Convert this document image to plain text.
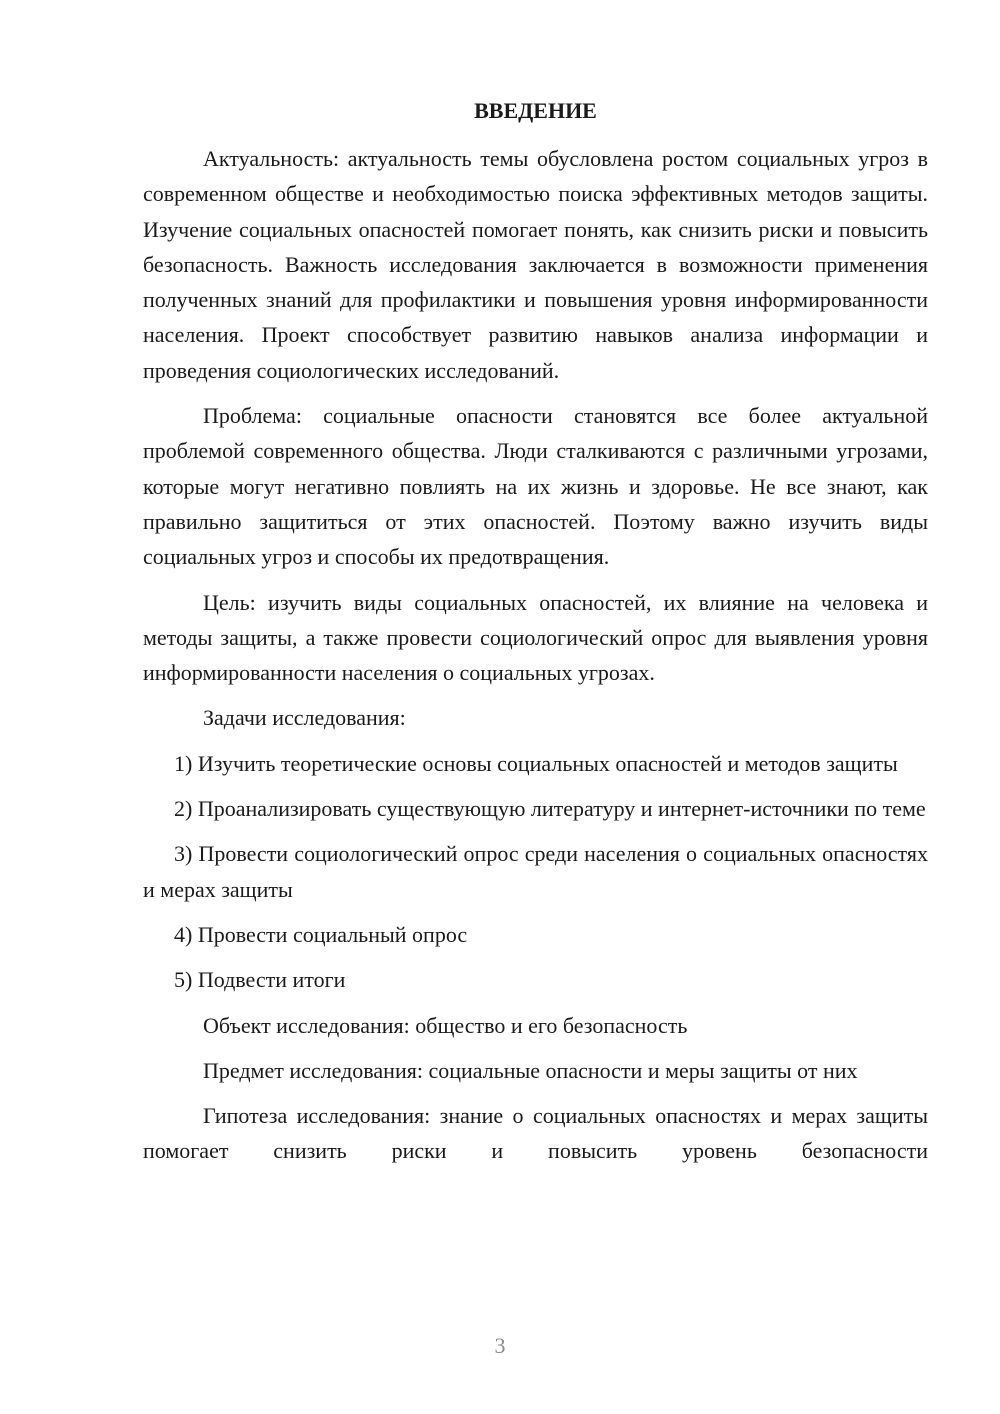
ВВЕДЕНИЕ

Актуальность: актуальность темы обусловлена ростом социальных угроз в современном обществе и необходимостью поиска эффективных методов защиты. Изучение социальных опасностей помогает понять, как снизить риски и повысить безопасность. Важность исследования заключается в возможности применения полученных знаний для профилактики и повышения уровня информированности населения. Проект способствует развитию навыков анализа информации и проведения социологических исследований.

Проблема: социальные опасности становятся все более актуальной проблемой современного общества. Люди сталкиваются с различными угрозами, которые могут негативно повлиять на их жизнь и здоровье. Не все знают, как правильно защититься от этих опасностей. Поэтому важно изучить виды социальных угроз и способы их предотвращения.

Цель: изучить виды социальных опасностей, их влияние на человека и методы защиты, а также провести социологический опрос для выявления уровня информированности населения о социальных угрозах.

Задачи исследования:

1) Изучить теоретические основы социальных опасностей и методов защиты

2) Проанализировать существующую литературу и интернет-источники по теме

3) Провести социологический опрос среди населения о социальных опасностях и мерах защиты

4) Провести социальный опрос

5) Подвести итоги

Объект исследования: общество и его безопасность

Предмет исследования: социальные опасности и меры защиты от них

Гипотеза исследования: знание о социальных опасностях и мерах защиты помогает снизить риски и повысить уровень безопасности

3
